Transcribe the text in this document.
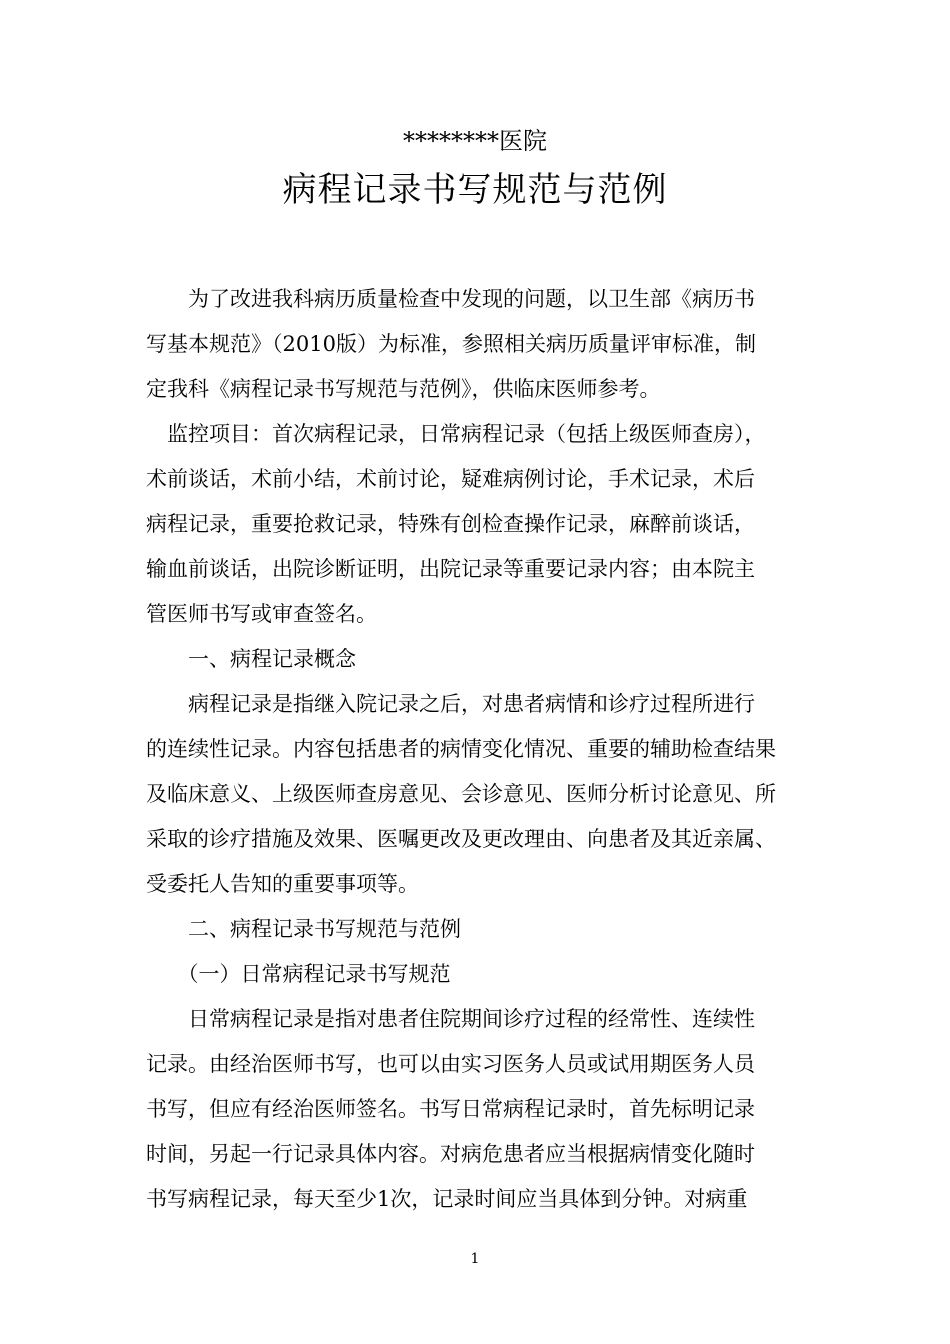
********医院
病程记录书写规范与范例
　　为了改进我科病历质量检查中发现的问题，以卫生部《病历书
写基本规范》（2010版）为标准，参照相关病历质量评审标准，制
定我科《病程记录书写规范与范例》，供临床医师参考。
　监控项目：首次病程记录，日常病程记录（包括上级医师查房），
术前谈话，术前小结，术前讨论，疑难病例讨论，手术记录，术后
病程记录，重要抢救记录，特殊有创检查操作记录，麻醉前谈话，
输血前谈话，出院诊断证明，出院记录等重要记录内容；由本院主
管医师书写或审查签名。
　　一、病程记录概念
　　病程记录是指继入院记录之后，对患者病情和诊疗过程所进行
的连续性记录。内容包括患者的病情变化情况、重要的辅助检查结果
及临床意义、上级医师查房意见、会诊意见、医师分析讨论意见、所
采取的诊疗措施及效果、医嘱更改及更改理由、向患者及其近亲属、
受委托人告知的重要事项等。
　　二、病程记录书写规范与范例
　　（一）日常病程记录书写规范
　　日常病程记录是指对患者住院期间诊疗过程的经常性、连续性
记录。由经治医师书写，也可以由实习医务人员或试用期医务人员
书写，但应有经治医师签名。书写日常病程记录时，首先标明记录
时间，另起一行记录具体内容。对病危患者应当根据病情变化随时
书写病程记录，每天至少1次，记录时间应当具体到分钟。对病重
1
